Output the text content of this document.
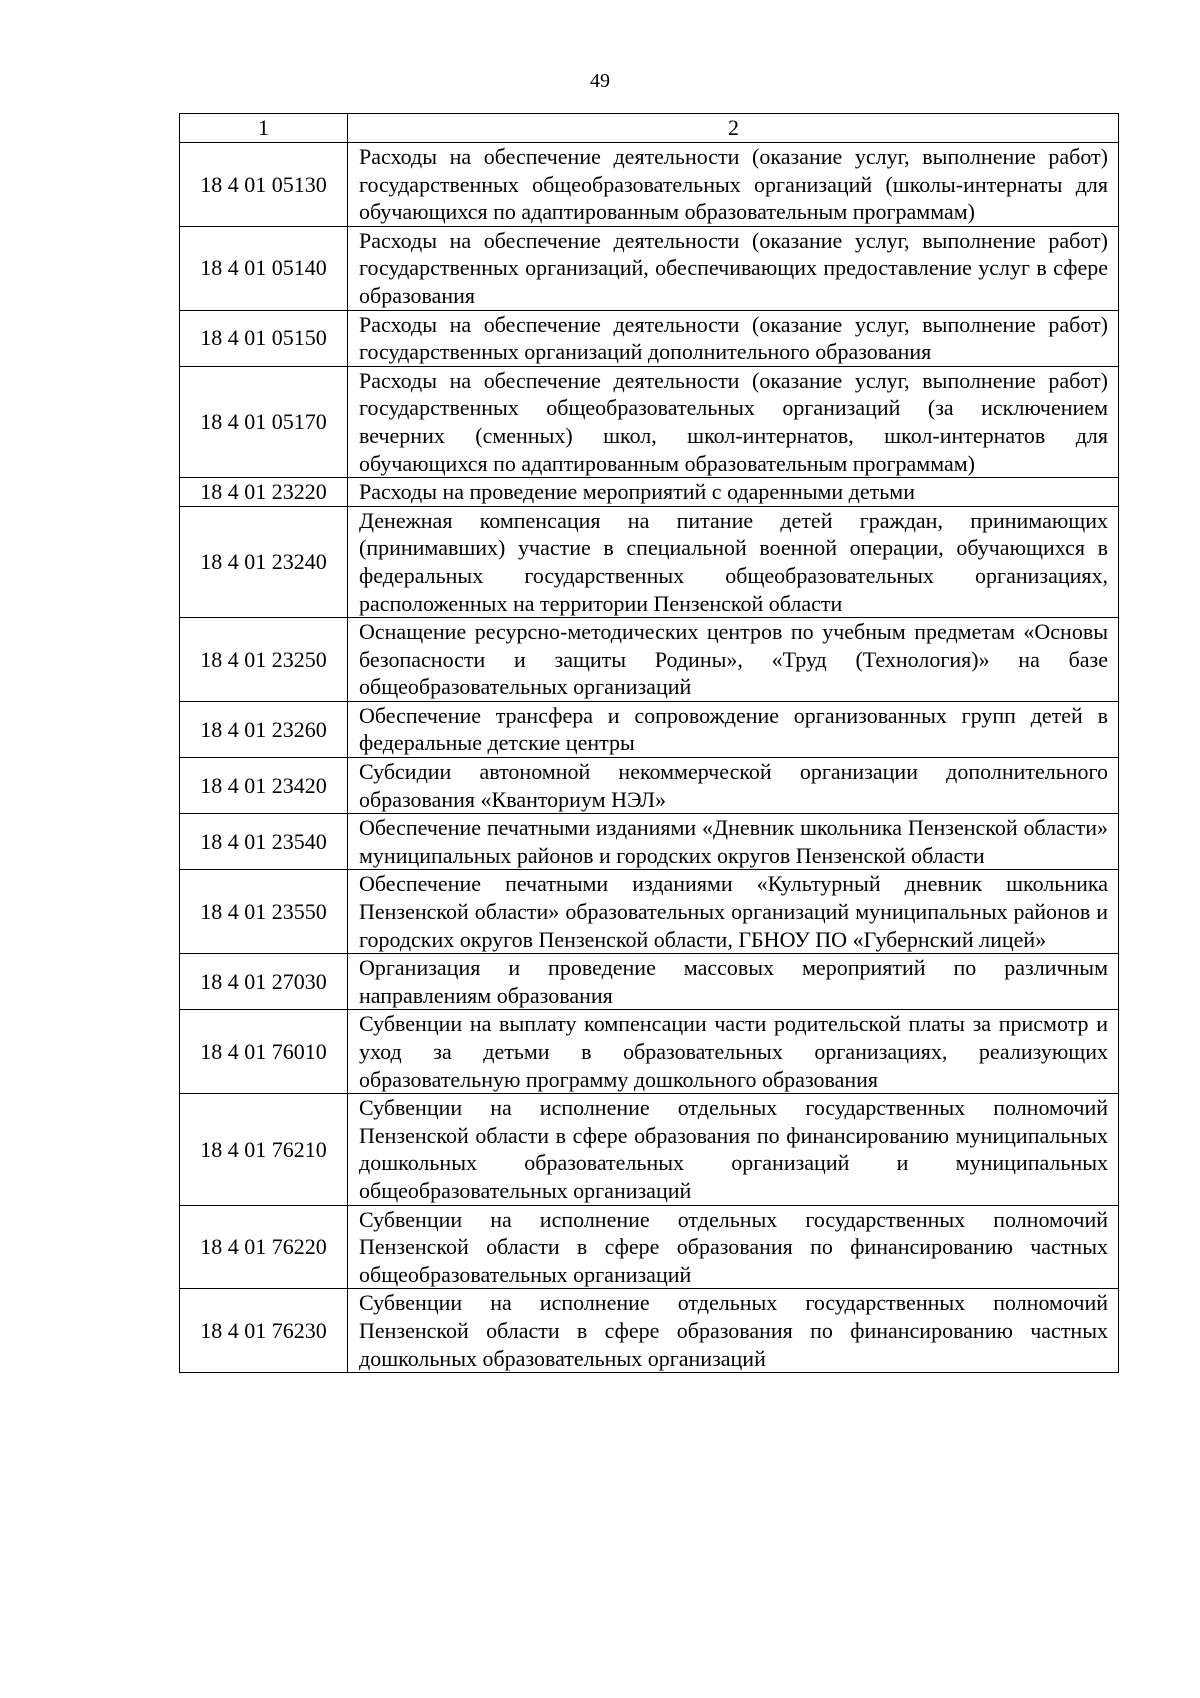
49
1	2
18 4 01 05130	Расходы на обеспечение деятельности (оказание услуг, выполнение работ) государственных общеобразовательных организаций (школы-интернаты для обучающихся по адаптированным образовательным программам)
18 4 01 05140	Расходы на обеспечение деятельности (оказание услуг, выполнение работ) государственных организаций, обеспечивающих предоставление услуг в сфере образования
18 4 01 05150	Расходы на обеспечение деятельности (оказание услуг, выполнение работ) государственных организаций дополнительного образования
18 4 01 05170	Расходы на обеспечение деятельности (оказание услуг, выполнение работ) государственных общеобразовательных организаций (за исключением вечерних (сменных) школ, школ-интернатов, школ-интернатов для обучающихся по адаптированным образовательным программам)
18 4 01 23220	Расходы на проведение мероприятий с одаренными детьми
18 4 01 23240	Денежная компенсация на питание детей граждан, принимающих (принимавших) участие в специальной военной операции, обучающихся в федеральных государственных общеобразовательных организациях, расположенных на территории Пензенской области
18 4 01 23250	Оснащение ресурсно-методических центров по учебным предметам «Основы безопасности и защиты Родины», «Труд (Технология)» на базе общеобразовательных организаций
18 4 01 23260	Обеспечение трансфера и сопровождение организованных групп детей в федеральные детские центры
18 4 01 23420	Субсидии автономной некоммерческой организации дополнительного образования «Кванториум НЭЛ»
18 4 01 23540	Обеспечение печатными изданиями «Дневник школьника Пензенской области» муниципальных районов и городских округов Пензенской области
18 4 01 23550	Обеспечение печатными изданиями «Культурный дневник школьника Пензенской области» образовательных организаций муниципальных районов и городских округов Пензенской области, ГБНОУ ПО «Губернский лицей»
18 4 01 27030	Организация и проведение массовых мероприятий по различным направлениям образования
18 4 01 76010	Субвенции на выплату компенсации части родительской платы за присмотр и уход за детьми в образовательных организациях, реализующих образовательную программу дошкольного образования
18 4 01 76210	Субвенции на исполнение отдельных государственных полномочий Пензенской области в сфере образования по финансированию муниципальных дошкольных образовательных организаций и муниципальных общеобразовательных организаций
18 4 01 76220	Субвенции на исполнение отдельных государственных полномочий Пензенской области в сфере образования по финансированию частных общеобразовательных организаций
18 4 01 76230	Субвенции на исполнение отдельных государственных полномочий Пензенской области в сфере образования по финансированию частных дошкольных образовательных организаций
